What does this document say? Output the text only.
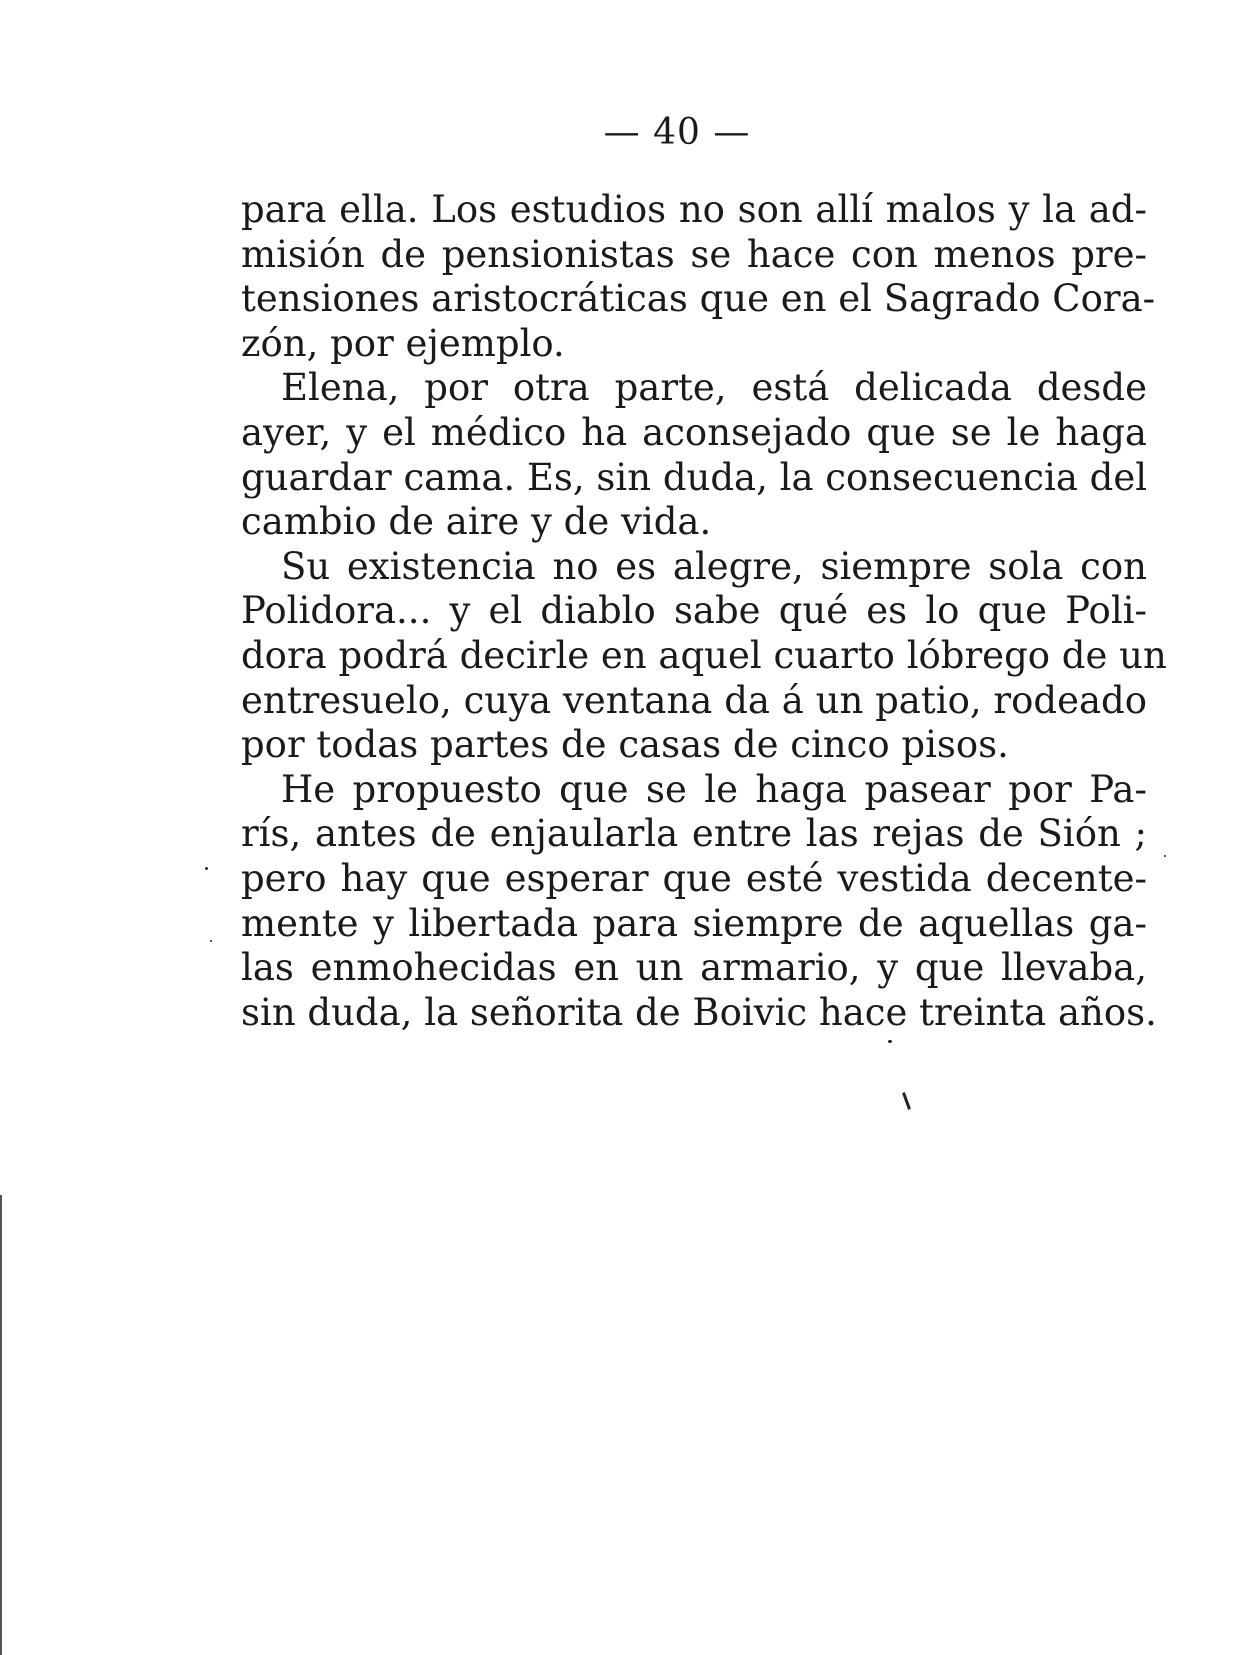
— 40 —

para ella. Los estudios no son allí malos y la ad-
misión de pensionistas se hace con menos pre-
tensiones aristocráticas que en el Sagrado Cora-
zón, por ejemplo.

Elena, por otra parte, está delicada desde
ayer, y el médico ha aconsejado que se le haga
guardar cama. Es, sin duda, la consecuencia del
cambio de aire y de vida.

Su existencia no es alegre, siempre sola con
Polidora... y el diablo sabe qué es lo que Poli-
dora podrá decirle en aquel cuarto lóbrego de un
entresuelo, cuya ventana da á un patio, rodeado
por todas partes de casas de cinco pisos.

He propuesto que se le haga pasear por Pa-
rís, antes de enjaularla entre las rejas de Sión ;
pero hay que esperar que esté vestida decente-
mente y libertada para siempre de aquellas ga-
las enmohecidas en un armario, y que llevaba,
sin duda, la señorita de Boivic hace treinta años.
